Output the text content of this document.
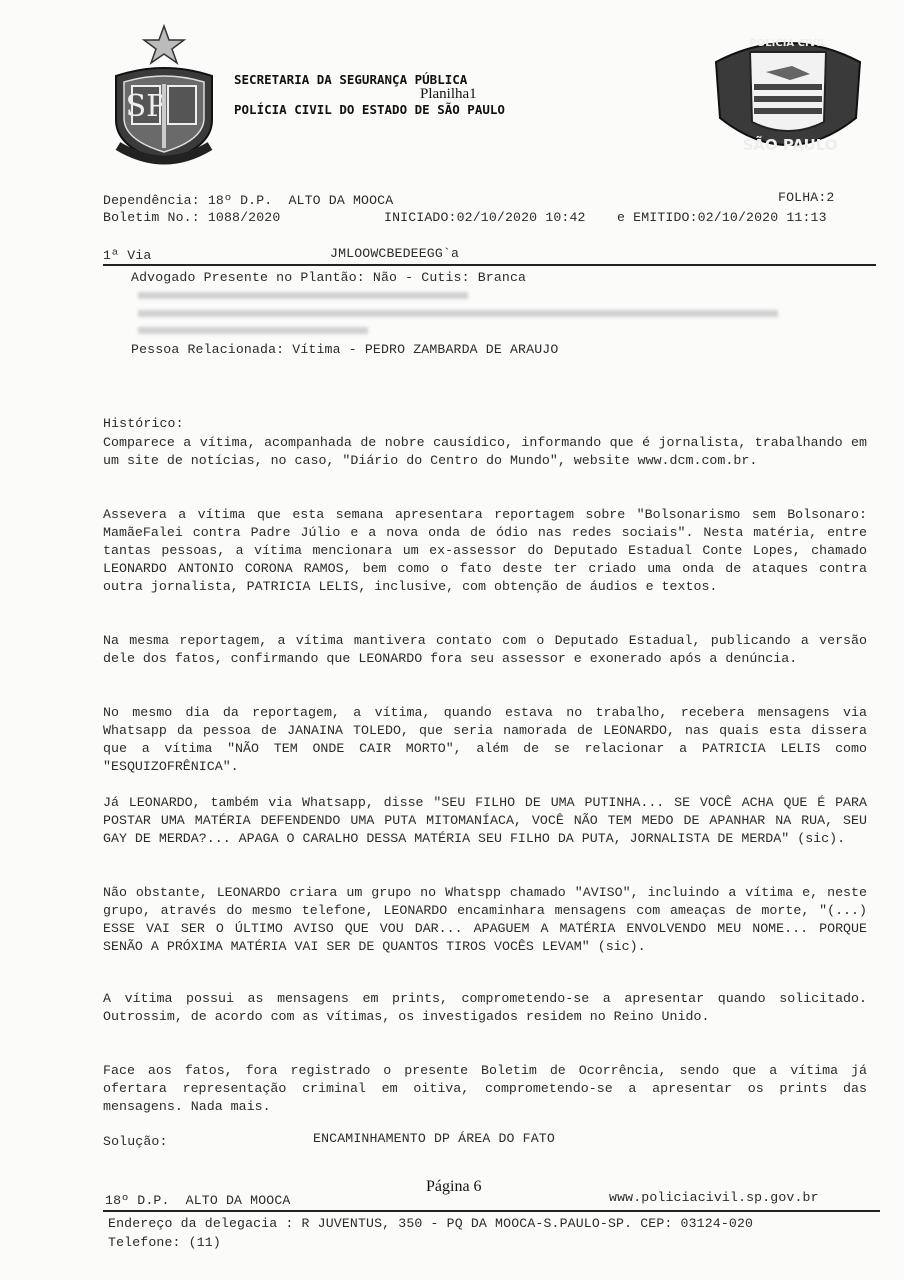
SP
SECRETARIA DA SEGURANÇA PÚBLICA
Planilha1
POLÍCIA CIVIL DO ESTADO DE SÃO PAULO
POLICIA CIVIL
SÃO PAULO
Dependência: 18º D.P.  ALTO DA MOOCA	FOLHA:2
Boletim No.: 1088/2020	INICIADO:02/10/2020 10:42 e EMITIDO:02/10/2020 11:13
1ª Via	JMLOOWCBEDEEGG`a
Advogado Presente no Plantão: Não - Cutis: Branca
Pessoa Relacionada: Vítima - PEDRO ZAMBARDA DE ARAUJO
Histórico:

Comparece a vítima, acompanhada de nobre causídico, informando que é jornalista, trabalhando em um site de notícias, no caso, "Diário do Centro do Mundo", website www.dcm.com.br.

Assevera a vítima que esta semana apresentara reportagem sobre "Bolsonarismo sem Bolsonaro: MamãeFalei contra Padre Júlio e a nova onda de ódio nas redes sociais". Nesta matéria, entre tantas pessoas, a vítima mencionara um ex-assessor do Deputado Estadual Conte Lopes, chamado LEONARDO ANTONIO CORONA RAMOS, bem como o fato deste ter criado uma onda de ataques contra outra jornalista, PATRICIA LELIS, inclusive, com obtenção de áudios e textos.

Na mesma reportagem, a vítima mantivera contato com o Deputado Estadual, publicando a versão dele dos fatos, confirmando que LEONARDO fora seu assessor e exonerado após a denúncia.

No mesmo dia da reportagem, a vítima, quando estava no trabalho, recebera mensagens via Whatsapp da pessoa de JANAINA TOLEDO, que seria namorada de LEONARDO, nas quais esta dissera que a vítima "NÃO TEM ONDE CAIR MORTO", além de se relacionar a PATRICIA LELIS como "ESQUIZOFRÊNICA".

Já LEONARDO, também via Whatsapp, disse "SEU FILHO DE UMA PUTINHA... SE VOCÊ ACHA QUE É PARA POSTAR UMA MATÉRIA DEFENDENDO UMA PUTA MITOMANÍACA, VOCÊ NÃO TEM MEDO DE APANHAR NA RUA, SEU GAY DE MERDA?... APAGA O CARALHO DESSA MATÉRIA SEU FILHO DA PUTA, JORNALISTA DE MERDA" (sic).

Não obstante, LEONARDO criara um grupo no Whatspp chamado "AVISO", incluindo a vítima e, neste grupo, através do mesmo telefone, LEONARDO encaminhara mensagens com ameaças de morte, "(...) ESSE VAI SER O ÚLTIMO AVISO QUE VOU DAR... APAGUEM A MATÉRIA ENVOLVENDO MEU NOME... PORQUE SENÃO A PRÓXIMA MATÉRIA VAI SER DE QUANTOS TIROS VOCÊS LEVAM" (sic).

A vítima possui as mensagens em prints, comprometendo-se a apresentar quando solicitado. Outrossim, de acordo com as vítimas, os investigados residem no Reino Unido.

Face aos fatos, fora registrado o presente Boletim de Ocorrência, sendo que a vítima já ofertara representação criminal em oitiva, comprometendo-se a apresentar os prints das mensagens. Nada mais.

Solução:	ENCAMINHAMENTO DP ÁREA DO FATO
Página 6
18º D.P.  ALTO DA MOOCA	www.policiacivil.sp.gov.br
Endereço da delegacia : R JUVENTUS, 350 - PQ DA MOOCA-S.PAULO-SP. CEP: 03124-020
Telefone: (11)
